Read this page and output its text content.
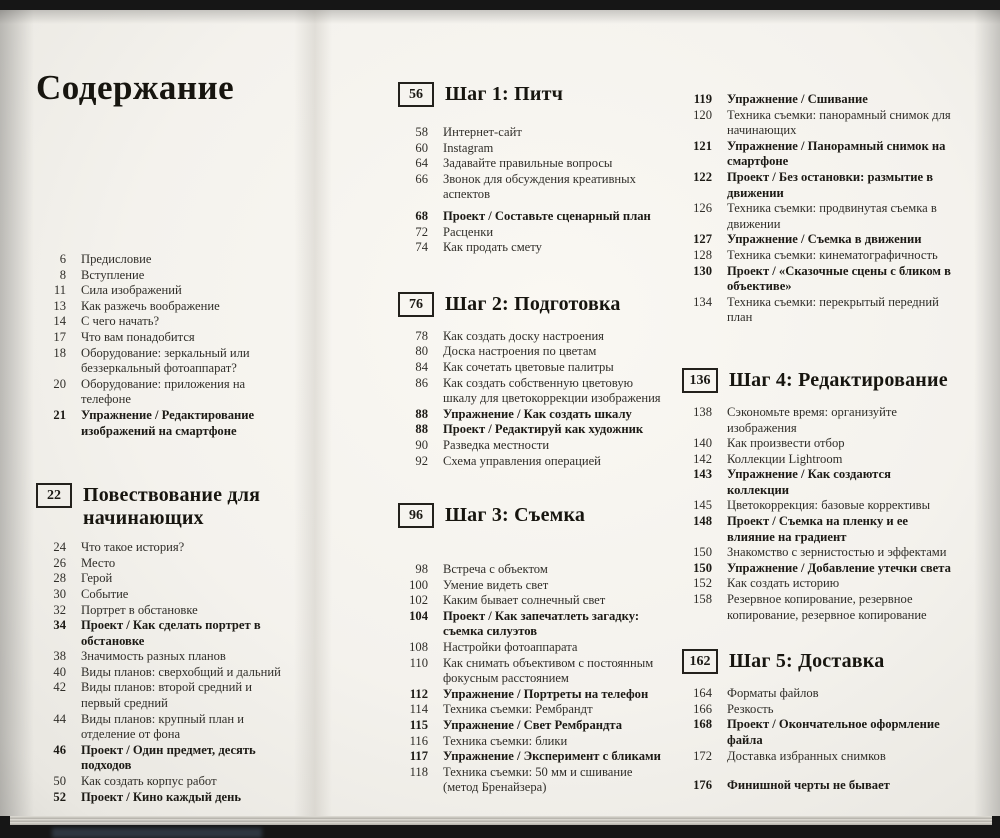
Содержание
6 Предисловие
8 Вступление
11 Сила изображений
13 Как разжечь воображение
14 С чего начать?
17 Что вам понадобится
18 Оборудование: зеркальный или беззеркальный фотоаппарат?
20 Оборудование: приложения на телефоне
21 Упражнение / Редактирование изображений на смартфоне
22	Повествование для начинающих
24 Что такое история?
26 Место
28 Герой
30 Событие
32 Портрет в обстановке
34 Проект / Как сделать портрет в обстановке
38 Значимость разных планов
40 Виды планов: сверхобщий и дальний
42 Виды планов: второй средний и первый средний
44 Виды планов: крупный план и отделение от фона
46 Проект / Один предмет, десять подходов
50 Как создать корпус работ
52 Проект / Кино каждый день
56	Шаг 1: Питч
58 Интернет-сайт
60 Instagram
64 Задавайте правильные вопросы
66 Звонок для обсуждения креативных аспектов
68 Проект / Составьте сценарный план
72 Расценки
74 Как продать смету
76	Шаг 2: Подготовка
78 Как создать доску настроения
80 Доска настроения по цветам
84 Как сочетать цветовые палитры
86 Как создать собственную цветовую шкалу для цветокоррекции изображения
88 Упражнение / Как создать шкалу
88 Проект / Редактируй как художник
90 Разведка местности
92 Схема управления операцией
96	Шаг 3: Съемка
98 Встреча с объектом
100 Умение видеть свет
102 Каким бывает солнечный свет
104 Проект / Как запечатлеть загадку: съемка силуэтов
108 Настройки фотоаппарата
110 Как снимать объективом с постоянным фокусным расстоянием
112 Упражнение / Портреты на телефон
114 Техника съемки: Рембрандт
115 Упражнение / Свет Рембрандта
116 Техника съемки: блики
117 Упражнение / Эксперимент с бликами
118 Техника съемки: 50 мм и сшивание (метод Бренайзера)
119 Упражнение / Сшивание
120 Техника съемки: панорамный снимок для начинающих
121 Упражнение / Панорамный снимок на смартфоне
122 Проект / Без остановки: размытие в движении
126 Техника съемки: продвинутая съемка в движении
127 Упражнение / Съемка в движении
128 Техника съемки: кинематографичность
130 Проект / «Сказочные сцены с бликом в объективе»
134 Техника съемки: перекрытый передний план
136 Шаг 4: Редактирование
138 Сэкономьте время: организуйте изображения
140 Как произвести отбор
142 Коллекции Lightroom
143 Упражнение / Как создаются коллекции
145 Цветокоррекция: базовые коррективы
148 Проект / Съемка на пленку и ее влияние на градиент
150 Знакомство с зернистостью и эффектами
150 Упражнение / Добавление утечки света
152 Как создать историю
158 Резервное копирование, резервное копирование, резервное копирование
162 Шаг 5: Доставка
164 Форматы файлов
166 Резкость
168 Проект / Окончательное оформление файла
172 Доставка избранных снимков
176 Финишной черты не бывает
